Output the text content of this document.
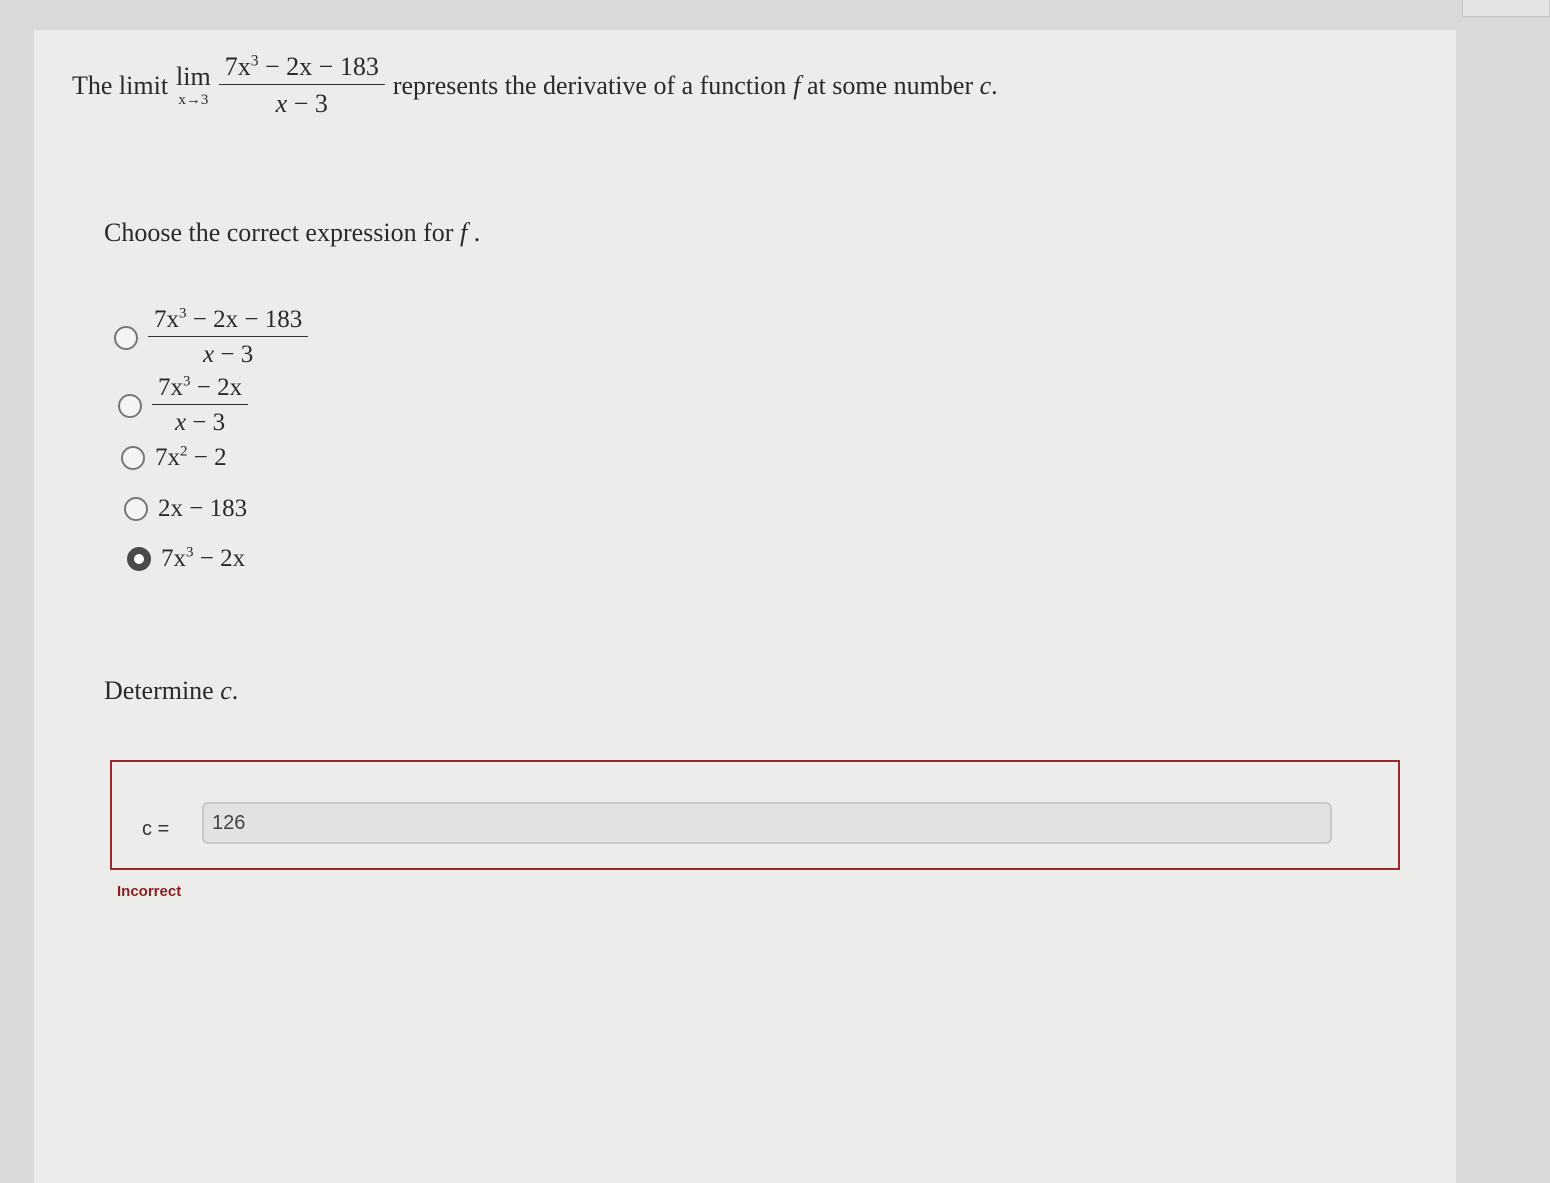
The limit lim
$x\to 3 \frac{7x^3 - 2x - 183}{x - 3}$ represents the derivative of a function f at some number c .
Choose the correct expression for f .
$\frac{7x^3 - 2x - 183}{x - 3}$
$\frac{7x^3 - 2x}{x - 3}$
$7x^2 - 2$
2x − 183
$7x^3 - 2x$
Determine c.
c = 126
Incorrect
